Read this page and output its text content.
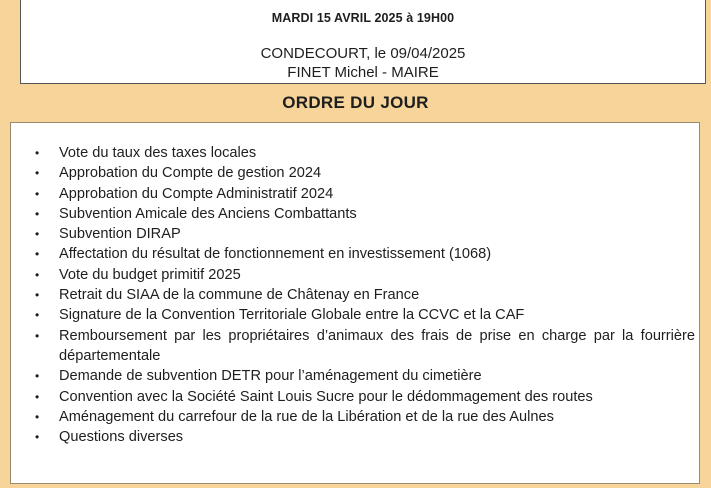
MARDI 15 AVRIL 2025 à 19H00
CONDECOURT, le 09/04/2025
FINET Michel - MAIRE
ORDRE DU JOUR
• Vote du taux des taxes locales
• Approbation du Compte de gestion 2024
• Approbation du Compte Administratif 2024
• Subvention Amicale des Anciens Combattants
• Subvention DIRAP
• Affectation du résultat de fonctionnement en investissement (1068)
• Vote du budget primitif 2025
• Retrait du SIAA de la commune de Châtenay en France
• Signature de la Convention Territoriale Globale entre la CCVC et la CAF
• Remboursement par les propriétaires d’animaux des frais de prise en charge par la fourrière départementale
• Demande de subvention DETR pour l’aménagement du cimetière
• Convention avec la Société Saint Louis Sucre pour le dédommagement des routes
• Aménagement du carrefour de la rue de la Libération et de la rue des Aulnes
• Questions diverses
